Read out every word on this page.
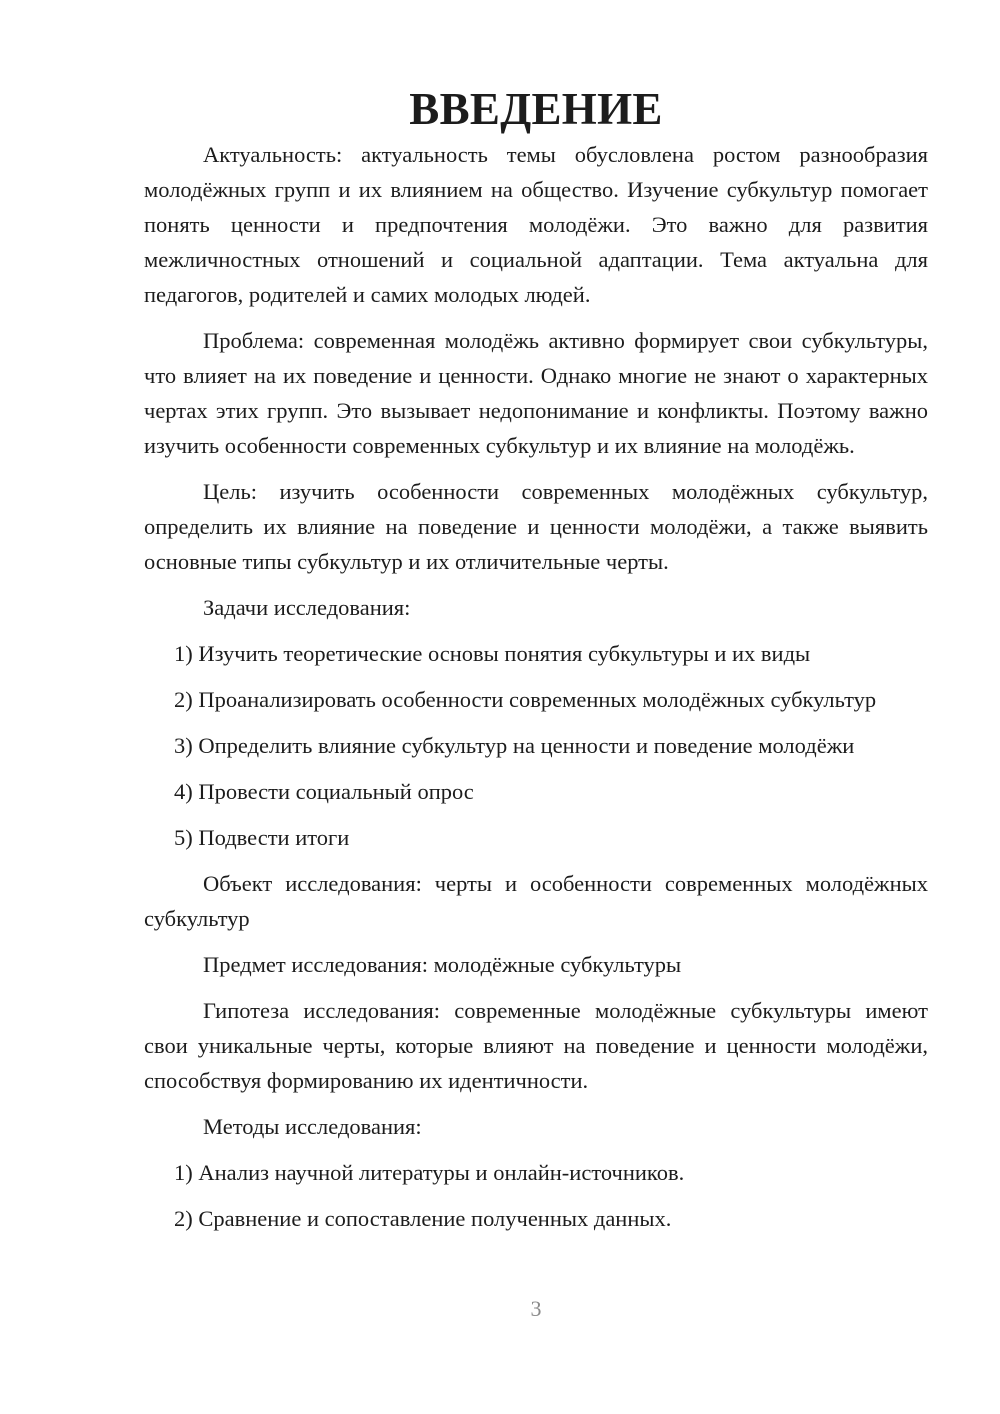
ВВЕДЕНИЕ

Актуальность: актуальность темы обусловлена ростом разнообразия молодёжных групп и их влиянием на общество. Изучение субкультур помогает понять ценности и предпочтения молодёжи. Это важно для развития межличностных отношений и социальной адаптации. Тема актуальна для педагогов, родителей и самих молодых людей.

Проблема: современная молодёжь активно формирует свои субкультуры, что влияет на их поведение и ценности. Однако многие не знают о характерных чертах этих групп. Это вызывает недопонимание и конфликты. Поэтому важно изучить особенности современных субкультур и их влияние на молодёжь.

Цель: изучить особенности современных молодёжных субкультур, определить их влияние на поведение и ценности молодёжи, а также выявить основные типы субкультур и их отличительные черты.

Задачи исследования:

1) Изучить теоретические основы понятия субкультуры и их виды

2) Проанализировать особенности современных молодёжных субкультур

3) Определить влияние субкультур на ценности и поведение молодёжи

4) Провести социальный опрос

5) Подвести итоги

Объект исследования: черты и особенности современных молодёжных субкультур

Предмет исследования: молодёжные субкультуры

Гипотеза исследования: современные молодёжные субкультуры имеют свои уникальные черты, которые влияют на поведение и ценности молодёжи, способствуя формированию их идентичности.

Методы исследования:

1) Анализ научной литературы и онлайн-источников.

2) Сравнение и сопоставление полученных данных.

3
